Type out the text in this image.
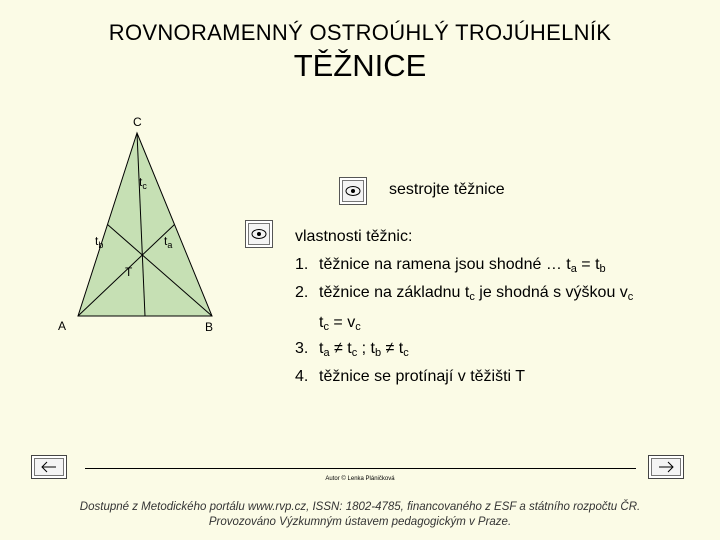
ROVNORAMENNÝ OSTROÚHLÝ TROJÚHELNÍK
TĚŽNICE
C
A	B
T
$t_c$
$t_a$
$t_b$
sestrojte těžnice
vlastnosti těžnic:
1. těžnice na ramena jsou shodné … $t_a = t_b$
2. těžnice na základnu $t_c$ je shodná s výškou $v_c$
$t_c = v_c$
3. $t_a \ne t_c$ ; $t_b \ne t_c$
4. těžnice se protínají v těžišti T
Autor © Lenka Pláničková
Dostupné z Metodického portálu www.rvp.cz, ISSN: 1802-4785, financovaného z ESF a státního rozpočtu ČR.
Provozováno Výzkumným ústavem pedagogickým v Praze.
